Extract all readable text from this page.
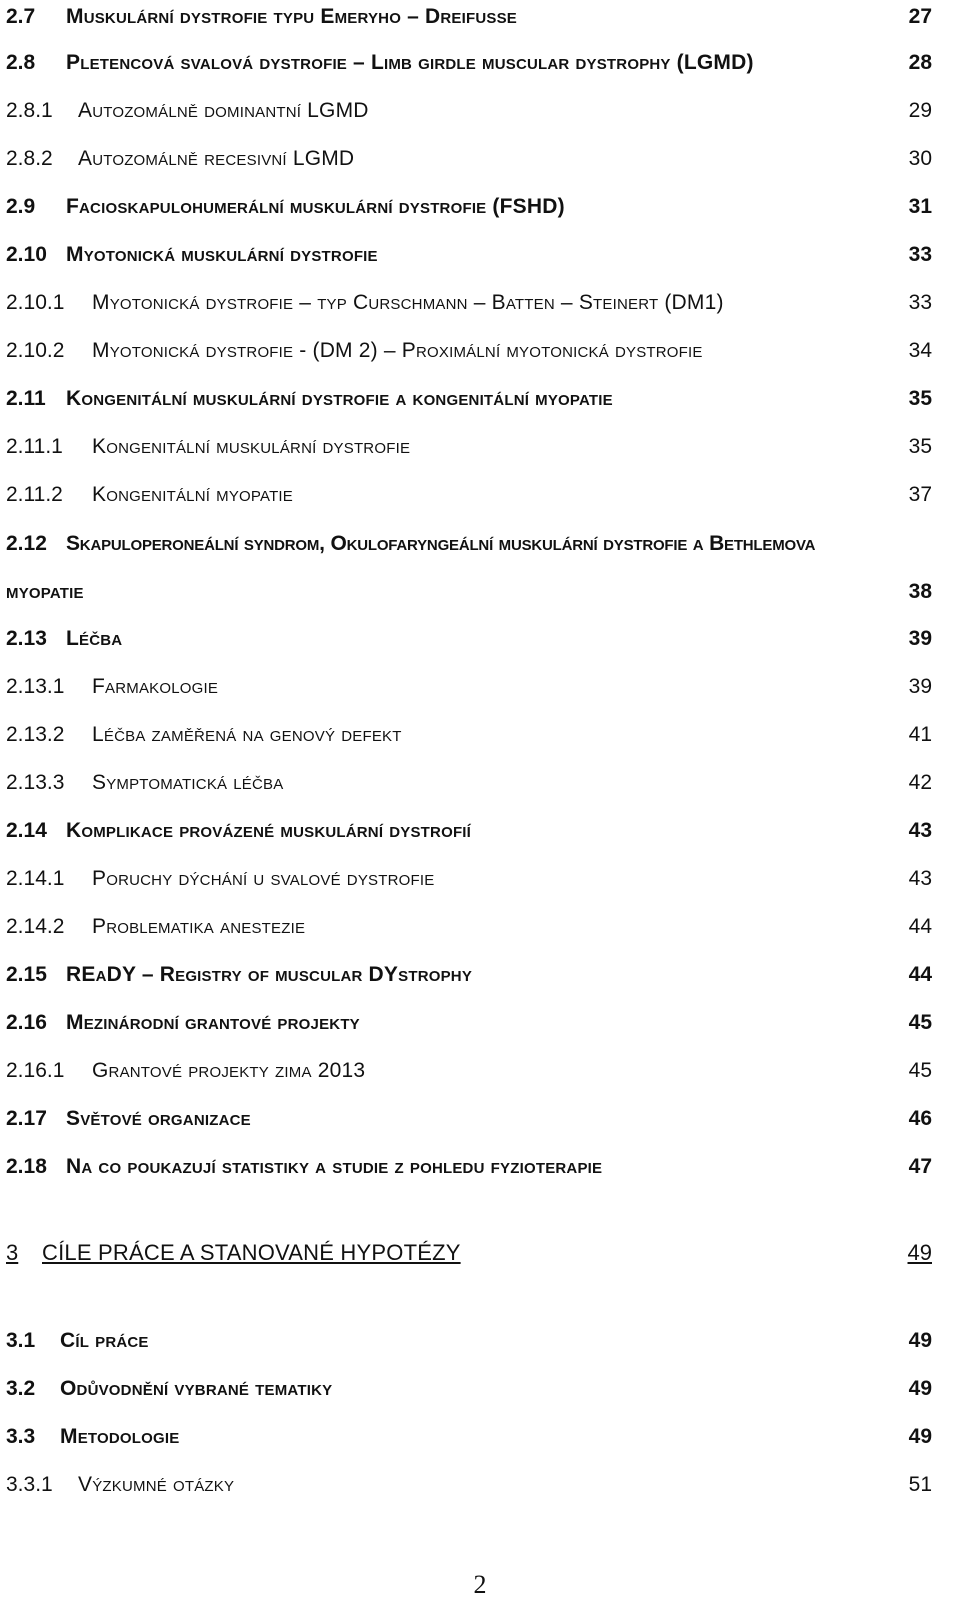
2.7	Muskulární dystrofie typu Emeryho – Dreifusse	27
2.8	Pletencová svalová dystrofie – Limb girdle muscular dystrophy (LGMD)	28
2.8.1	Autozomálně dominantní LGMD	29
2.8.2	Autozomálně recesivní LGMD	30
2.9	Facioskapulohumerální muskulární dystrofie (FSHD)	31
2.10 Myotonická muskulární dystrofie	33
2.10.1	Myotonická dystrofie – typ Curschmann – Batten – Steinert (DM1)	33
2.10.2	Myotonická dystrofie - (DM 2) – Proximální myotonická dystrofie	34
2.11 Kongenitální muskulární dystrofie a kongenitální myopatie	35
2.11.1	Kongenitální muskulární dystrofie	35
2.11.2	Kongenitální myopatie	37
2.12 Skapuloperoneální syndrom, Okulofaryngeální muskulární dystrofie a Bethlemova
myopatie	38
2.13 Léčba	39
2.13.1	Farmakologie	39
2.13.2	Léčba zaměřená na genový defekt	41
2.13.3	Symptomatická léčba	42
2.14 Komplikace provázené muskulární dystrofií	43
2.14.1	Poruchy dýchání u svalové dystrofie	43
2.14.2	Problematika anestezie	44
2.15 REaDY – Registry of muscular DYstrophy	44
2.16 Mezinárodní grantové projekty	45
2.16.1	Grantové projekty zima 2013	45
2.17 Světové organizace	46
2.18 Na co poukazují statistiky a studie z pohledu fyzioterapie	47
3	CÍLE PRÁCE A STANOVANÉ HYPOTÉZY	49
3.1	Cíl práce	49
3.2	Odůvodnění vybrané tematiky	49
3.3	Metodologie	49
3.3.1	Výzkumné otázky	51
2
